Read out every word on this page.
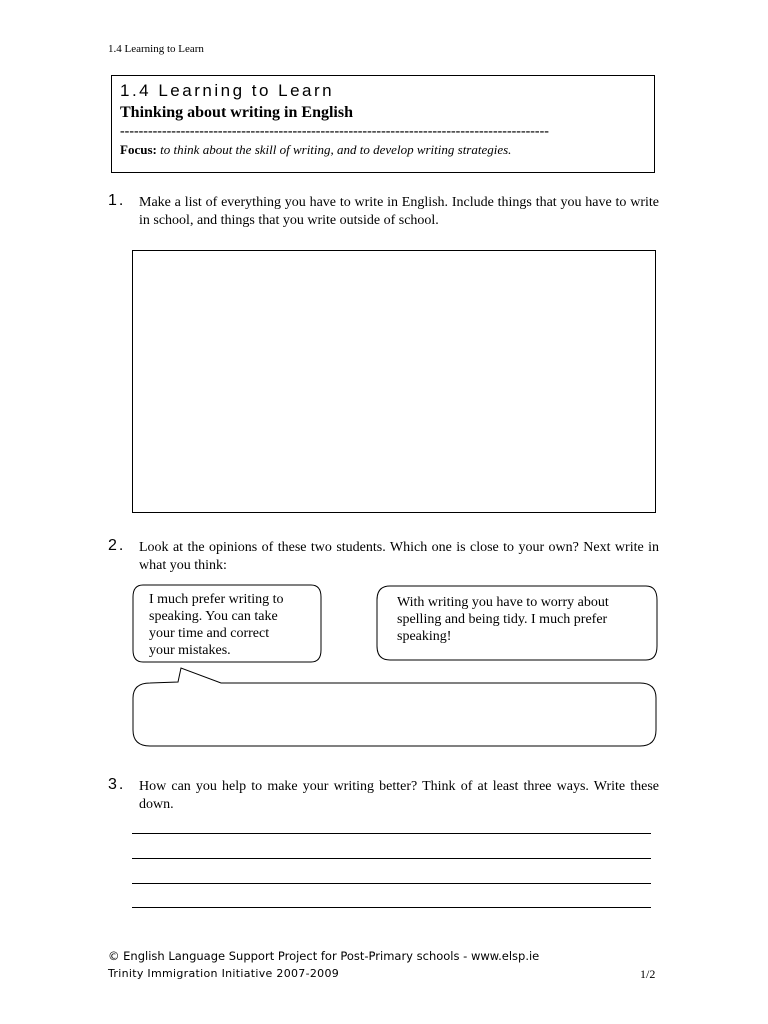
1.4 Learning to Learn
1.4 Learning to Learn
Thinking about writing in English
--------------------------------------------------------------------------------------------
Focus: to think about the skill of writing, and to develop writing strategies.
1. Make a list of everything you have to write in English. Include things that you have to write in school, and things that you write outside of school.
2. Look at the opinions of these two students. Which one is close to your own? Next write in what you think:
I much prefer writing to
speaking. You can take
your time and correct
your mistakes.
With writing you have to worry about
spelling and being tidy. I much prefer
speaking!
3. How can you help to make your writing better? Think of at least three ways. Write these down.
© English Language Support Project for Post-Primary schools - www.elsp.ie
Trinity Immigration Initiative 2007-2009	1/2
